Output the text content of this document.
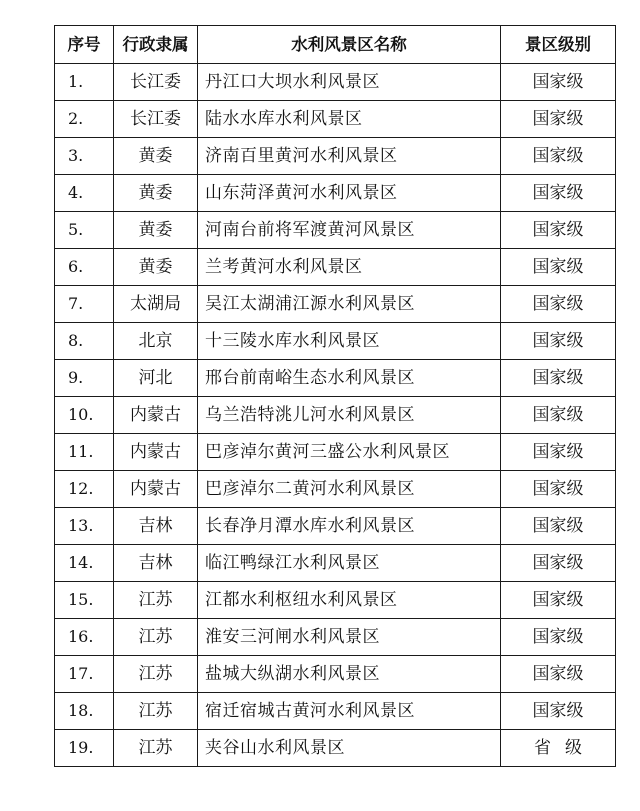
序号	行政隶属	水利风景区名称	景区级别
1.	长江委	丹江口大坝水利风景区	国家级
2.	长江委	陆水水库水利风景区	国家级
3.	黄委	济南百里黄河水利风景区	国家级
4.	黄委	山东菏泽黄河水利风景区	国家级
5.	黄委	河南台前将军渡黄河风景区	国家级
6.	黄委	兰考黄河水利风景区	国家级
7.	太湖局	吴江太湖浦江源水利风景区	国家级
8.	北京	十三陵水库水利风景区	国家级
9.	河北	邢台前南峪生态水利风景区	国家级
10.	内蒙古	乌兰浩特洮儿河水利风景区	国家级
11.	内蒙古	巴彦淖尔黄河三盛公水利风景区	国家级
12.	内蒙古	巴彦淖尔二黄河水利风景区	国家级
13.	吉林	长春净月潭水库水利风景区	国家级
14.	吉林	临江鸭绿江水利风景区	国家级
15.	江苏	江都水利枢纽水利风景区	国家级
16.	江苏	淮安三河闸水利风景区	国家级
17.	江苏	盐城大纵湖水利风景区	国家级
18.	江苏	宿迁宿城古黄河水利风景区	国家级
19.	江苏	夹谷山水利风景区	省级
